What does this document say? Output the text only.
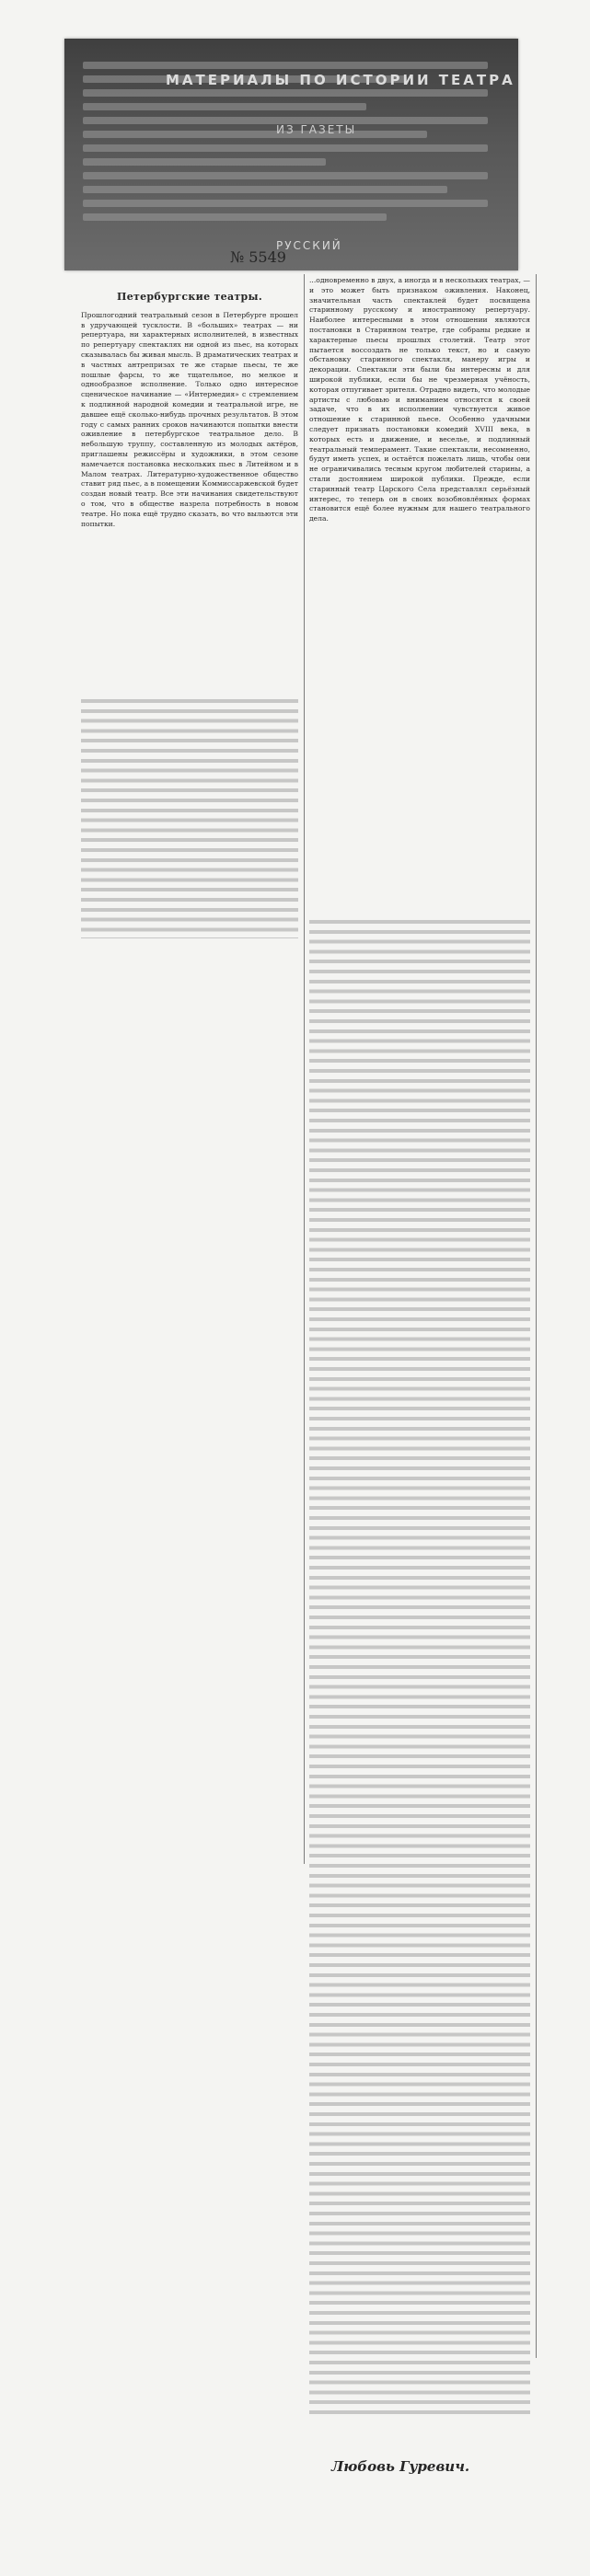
МАТЕРИАЛЫ ПО ИСТОРИИ ТЕАТРА
ИЗ ГАЗЕТЫ
РУССКИЙ
№ 5549
Петербургские театры.
Прошлогодний театральный сезон в Петербурге прошел в удручающей тусклости. В «больших» театрах — ни репертуара, ни характерных исполнителей, в известных по репертуару спектаклях ни одной из пьес, на которых сказывалась бы живая мысль. В драматических театрах и в частных антрепризах те же старые пьесы, те же пошлые фарсы, то же тщательное, но мелкое и однообразное исполнение. Только одно интересное сценическое начинание — «Интермедия» с стремлением к подлинной народной комедии и театральной игре, не давшее ещё сколько-нибудь прочных результатов. В этом году с самых ранних сроков начинаются попытки внести оживление в петербургское театральное дело. В небольшую труппу, составленную из молодых актёров, приглашены режиссёры и художники, в этом сезоне намечается постановка нескольких пьес в Литейном и в Малом театрах. Литературно-художественное общество ставит ряд пьес, а в помещении Коммиссаржевской будет создан новый театр. Все эти начинания свидетельствуют о том, что в обществе назрела потребность в новом театре. Но пока ещё трудно сказать, во что выльются эти попытки.
...одновременно в двух, а иногда и в нескольких театрах, — и это может быть признаком оживления. Наконец, значительная часть спектаклей будет посвящена старинному русскому и иностранному репертуару. Наиболее интересными в этом отношении являются постановки в Старинном театре, где собраны редкие и характерные пьесы прошлых столетий. Театр этот пытается воссоздать не только текст, но и самую обстановку старинного спектакля, манеру игры и декорации. Спектакли эти были бы интересны и для широкой публики, если бы не чрезмерная учёность, которая отпугивает зрителя. Отрадно видеть, что молодые артисты с любовью и вниманием относятся к своей задаче, что в их исполнении чувствуется живое отношение к старинной пьесе. Особенно удачными следует признать постановки комедий XVIII века, в которых есть и движение, и веселье, и подлинный театральный темперамент. Такие спектакли, несомненно, будут иметь успех, и остаётся пожелать лишь, чтобы они не ограничивались тесным кругом любителей старины, а стали достоянием широкой публики. Прежде, если старинный театр Царского Села представлял серьёзный интерес, то теперь он в своих возобновлённых формах становится ещё более нужным для нашего театрального дела.
Любовь Гуревич.
